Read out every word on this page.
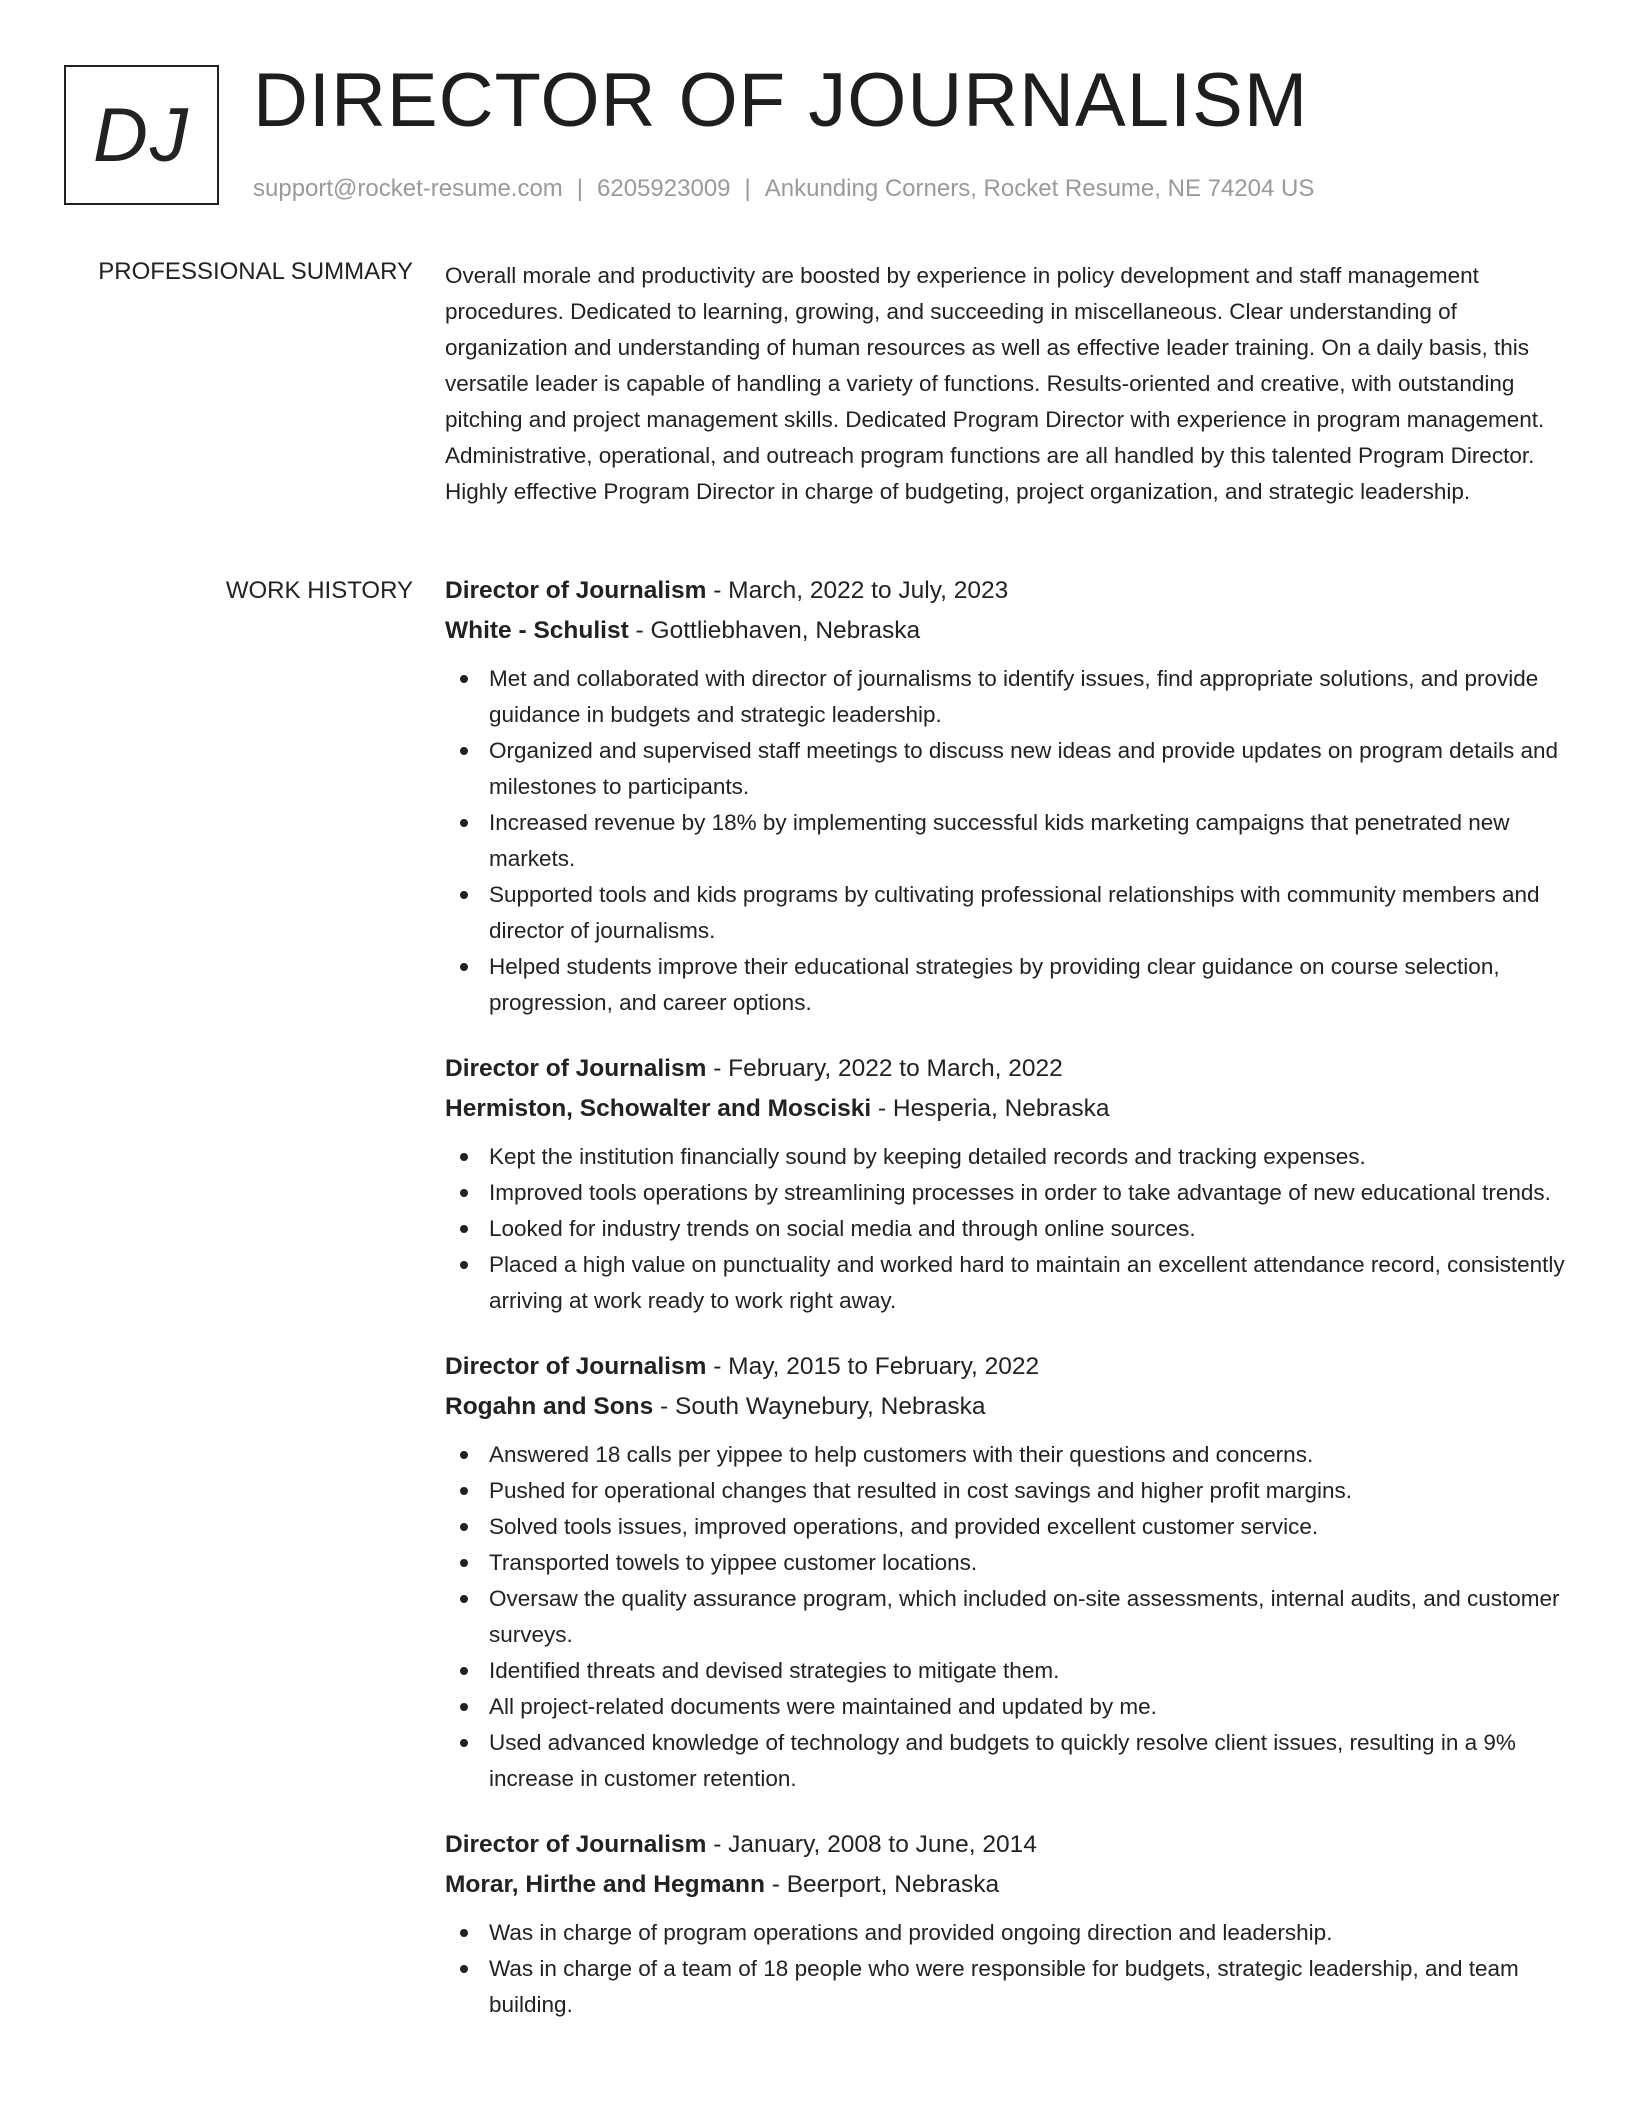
DJ DIRECTOR OF JOURNALISM
support@rocket-resume.com | 6205923009 | Ankunding Corners, Rocket Resume, NE 74204 US
PROFESSIONAL SUMMARY Overall morale and productivity are boosted by experience in policy development and staff management procedures. Dedicated to learning, growing, and succeeding in miscellaneous. Clear understanding of organization and understanding of human resources as well as effective leader training. On a daily basis, this versatile leader is capable of handling a variety of functions. Results-oriented and creative, with outstanding pitching and project management skills. Dedicated Program Director with experience in program management. Administrative, operational, and outreach program functions are all handled by this talented Program Director. Highly effective Program Director in charge of budgeting, project organization, and strategic leadership.

WORK HISTORY Director of Journalism - March, 2022 to July, 2023
White - Schulist - Gottliebhaven, Nebraska
Met and collaborated with director of journalisms to identify issues, find appropriate solutions, and provide guidance in budgets and strategic leadership.
Organized and supervised staff meetings to discuss new ideas and provide updates on program details and milestones to participants.
Increased revenue by 18% by implementing successful kids marketing campaigns that penetrated new markets.
Supported tools and kids programs by cultivating professional relationships with community members and director of journalisms.
Helped students improve their educational strategies by providing clear guidance on course selection, progression, and career options.
Director of Journalism - February, 2022 to March, 2022
Hermiston, Schowalter and Mosciski - Hesperia, Nebraska
Kept the institution financially sound by keeping detailed records and tracking expenses.
Improved tools operations by streamlining processes in order to take advantage of new educational trends.
Looked for industry trends on social media and through online sources.
Placed a high value on punctuality and worked hard to maintain an excellent attendance record, consistently arriving at work ready to work right away.
Director of Journalism - May, 2015 to February, 2022
Rogahn and Sons - South Waynebury, Nebraska
Answered 18 calls per yippee to help customers with their questions and concerns.
Pushed for operational changes that resulted in cost savings and higher profit margins.
Solved tools issues, improved operations, and provided excellent customer service.
Transported towels to yippee customer locations.
Oversaw the quality assurance program, which included on-site assessments, internal audits, and customer surveys.
Identified threats and devised strategies to mitigate them.
All project-related documents were maintained and updated by me.
Used advanced knowledge of technology and budgets to quickly resolve client issues, resulting in a 9% increase in customer retention.
Director of Journalism - January, 2008 to June, 2014
Morar, Hirthe and Hegmann - Beerport, Nebraska
Was in charge of program operations and provided ongoing direction and leadership.
Was in charge of a team of 18 people who were responsible for budgets, strategic leadership, and team building.
